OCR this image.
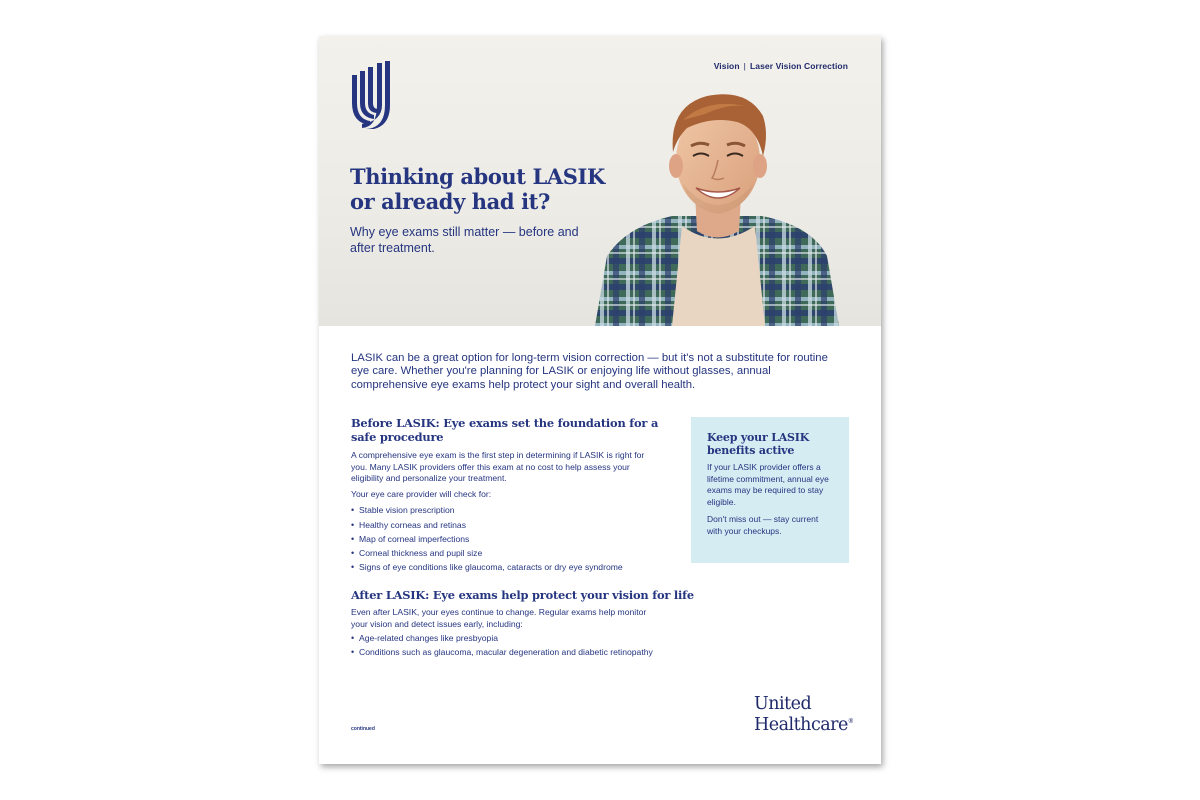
Vision | Laser Vision Correction
Thinking about LASIK
or already had it?
Why eye exams still matter — before and after treatment.

LASIK can be a great option for long-term vision correction — but it's not a substitute for routine eye care. Whether you're planning for LASIK or enjoying life without glasses, annual comprehensive eye exams help protect your sight and overall health.

Before LASIK: Eye exams set the foundation for a safe procedure

A comprehensive eye exam is the first step in determining if LASIK is right for you. Many LASIK providers offer this exam at no cost to help assess your eligibility and personalize your treatment.

Your eye care provider will check for:

• Stable vision prescription
• Healthy corneas and retinas
• Map of corneal imperfections
• Corneal thickness and pupil size
• Signs of eye conditions like glaucoma, cataracts or dry eye syndrome
After LASIK: Eye exams help protect your vision for life

Even after LASIK, your eyes continue to change. Regular exams help monitor your vision and detect issues early, including:

• Age-related changes like presbyopia
• Conditions such as glaucoma, macular degeneration and diabetic retinopathy
Keep your LASIK benefits active

If your LASIK provider offers a lifetime commitment, annual eye exams may be required to stay eligible.

Don't miss out — stay current with your checkups.

continued
United
Healthcare®
